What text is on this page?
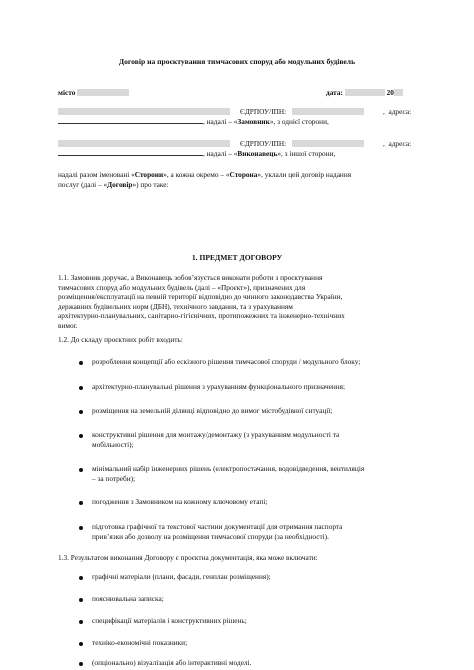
Договір на проєктування тимчасових споруд або модульних будівель
місто	дата:	20
ЄДРПОУ/ІПН:	,  адреса:
, надалі – «Замовник», з однієї сторони,
ЄДРПОУ/ІПН:	,  адреса:
, надалі – «Виконавець», з іншої сторони,
надалі разом іменовані «Сторони», а кожна окремо – «Сторона», уклали цей договір надання
послуг (далі – «Договір») про таке:
1. ПРЕДМЕТ ДОГОВОРУ
1.1. Замовник доручає, а Виконавець зобов’язується виконати роботи з проєктування
тимчасових споруд або модульних будівель (далі – «Проєкт»), призначених для
розміщення/експлуатації на певній території відповідно до чинного законодавства України,
державних будівельних норм (ДБН), технічного завдання, та з урахуванням
архітектурно-планувальних, санітарно-гігієнічних, протипожежних та інженерно-технічних
вимог.
1.2. До складу проєктних робіт входить:
розроблення концепції або ескізного рішення тимчасової споруди / модульного блоку;
архітектурно-планувальні рішення з урахуванням функціонального призначення;
розміщення на земельній ділянці відповідно до вимог містобудівної ситуації;
конструктивні рішення для монтажу/демонтажу (з урахуванням модульності та
мобільності);
мінімальний набір інженерних рішень (електропостачання, водовідведення, вентиляція
– за потреби);
погодження з Замовником на кожному ключовому етапі;
підготовка графічної та текстової частини документації для отримання паспорта
прив’язки або дозволу на розміщення тимчасової споруди (за необхідності).
1.3. Результатом виконання Договору є проєктна документація, яка може включати:
графічні матеріали (плани, фасади, генплан розміщення);
пояснювальна записка;
специфікації матеріалів і конструктивних рішень;
техніко-економічні показники;
(опціонально) візуалізація або інтерактивні моделі.
